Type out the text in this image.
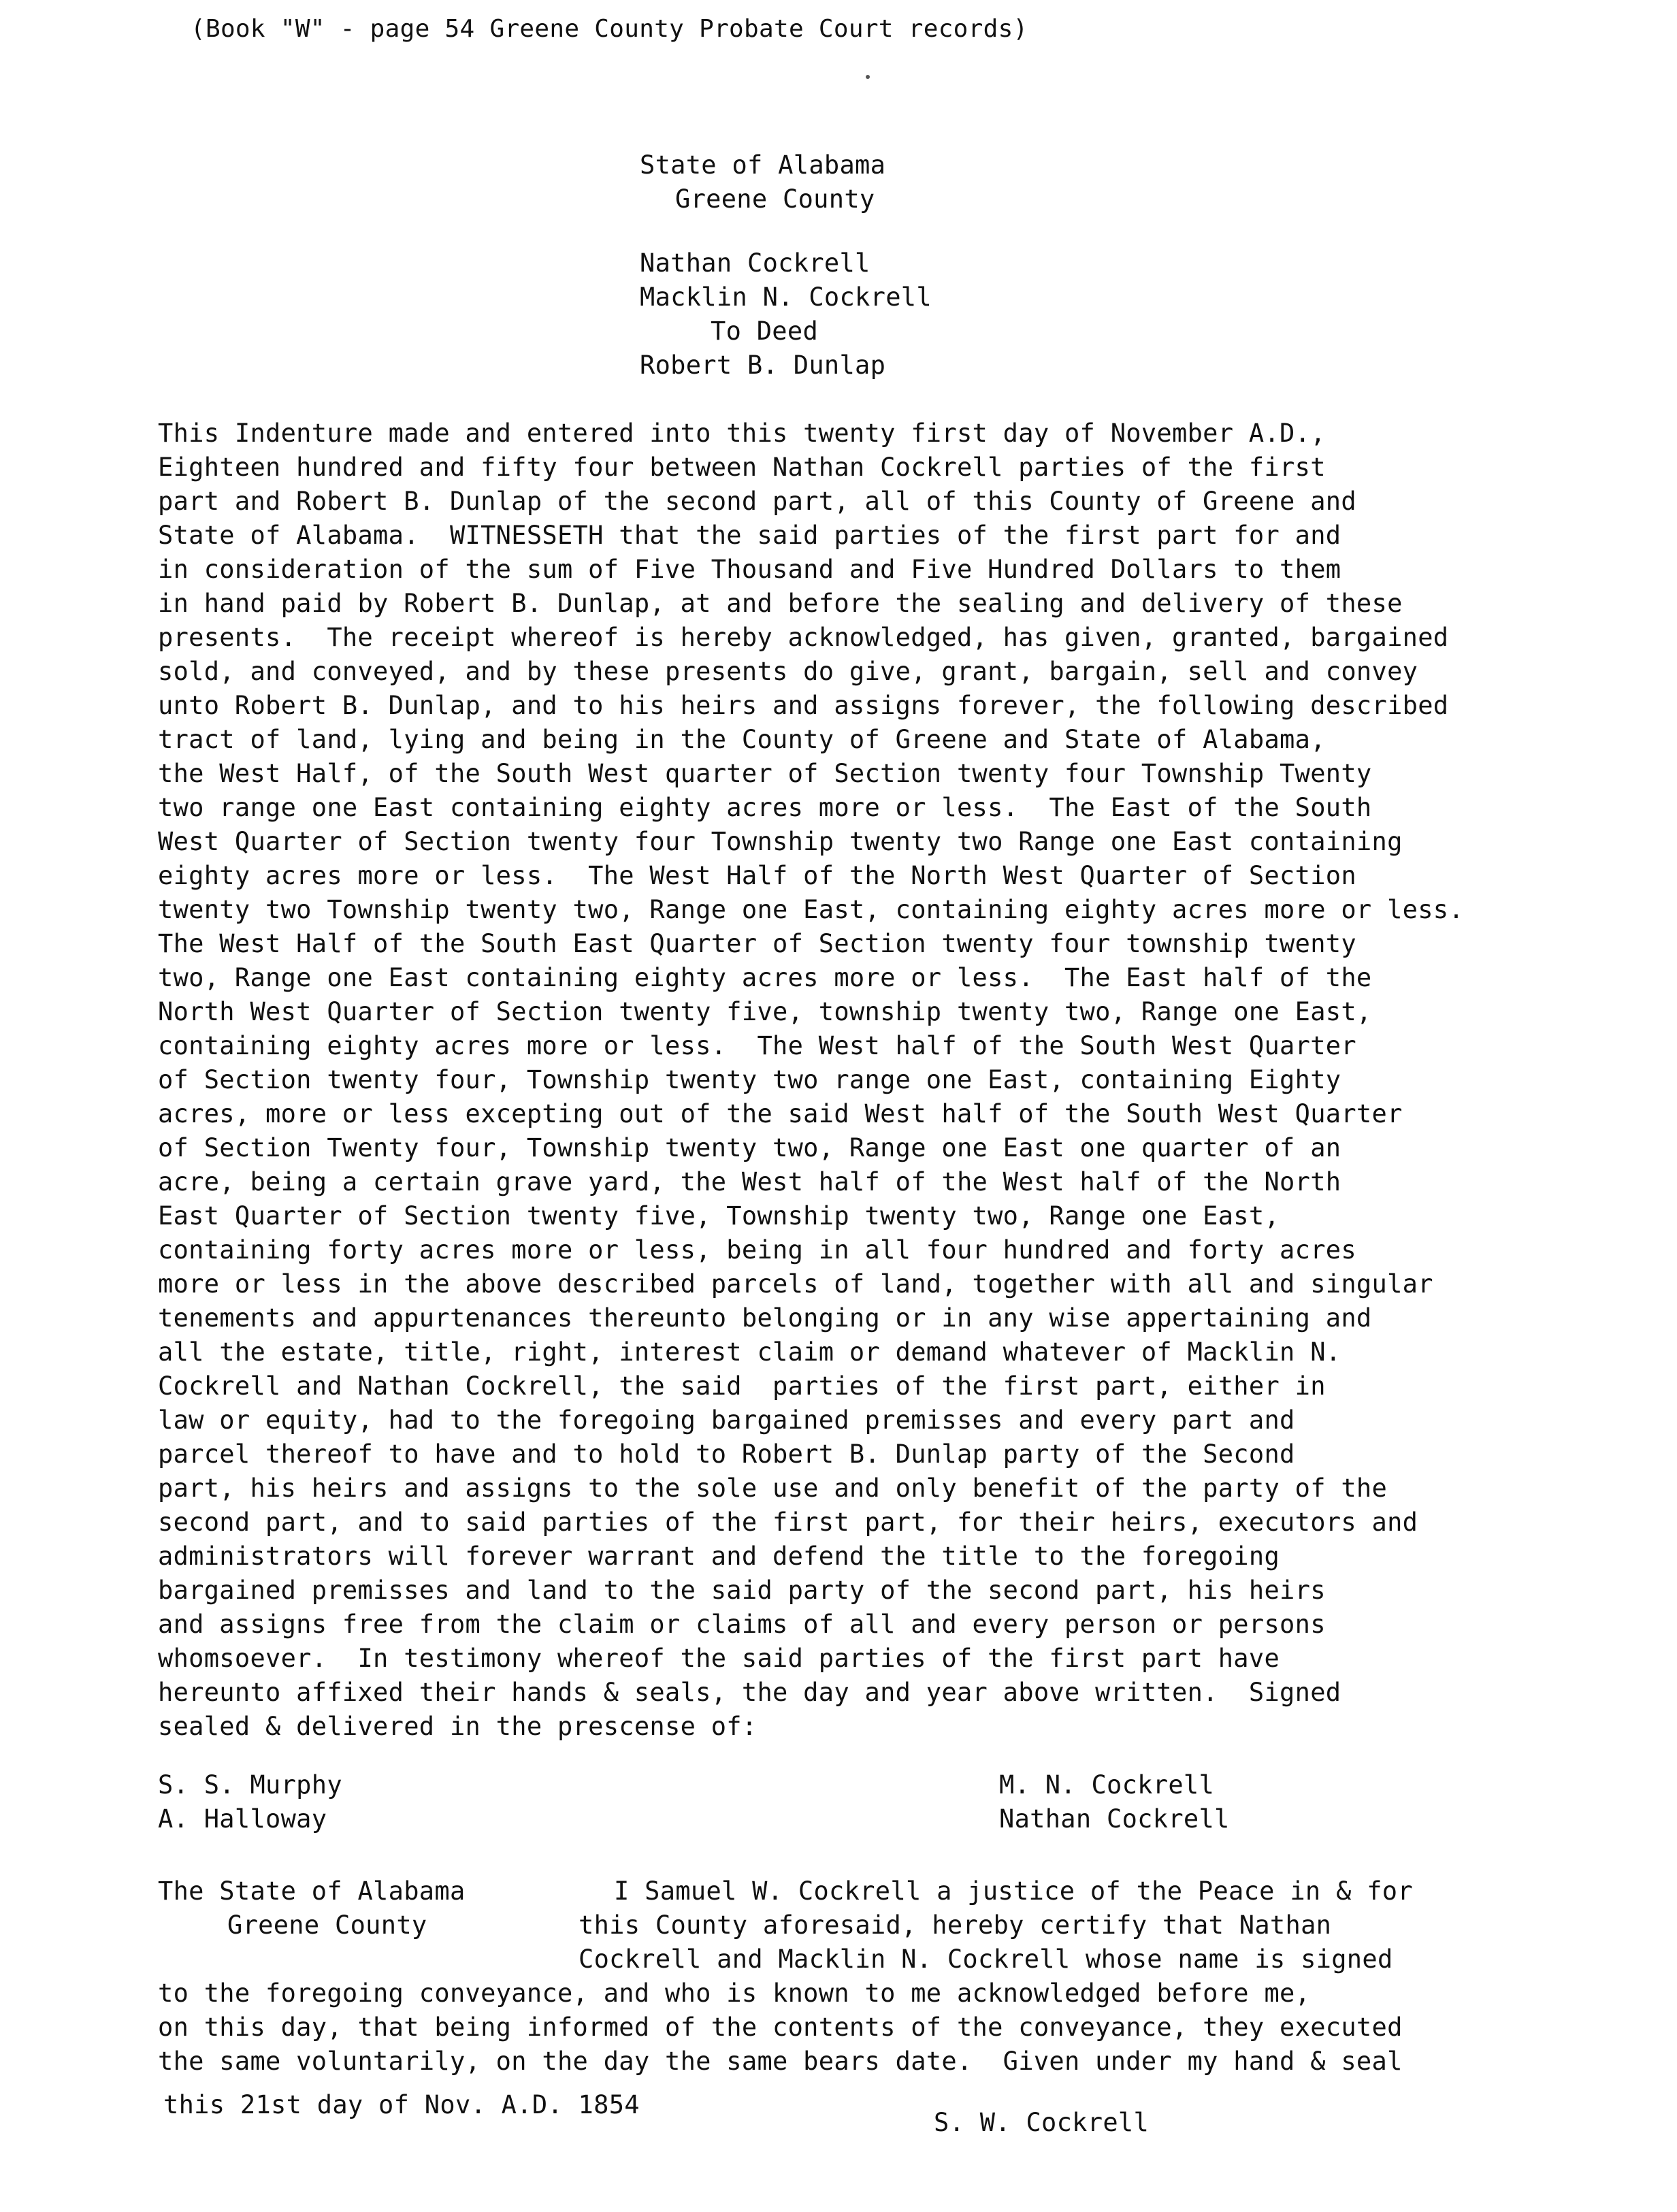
(Book "W" - page 54 Greene County Probate Court records)
State of Alabama
Greene County
Nathan Cockrell
Macklin N. Cockrell
To Deed
Robert B. Dunlap
This Indenture made and entered into this twenty first day of November A.D.,
Eighteen hundred and fifty four between Nathan Cockrell parties of the first
part and Robert B. Dunlap of the second part, all of this County of Greene and
State of Alabama.  WITNESSETH that the said parties of the first part for and
in consideration of the sum of Five Thousand and Five Hundred Dollars to them
in hand paid by Robert B. Dunlap, at and before the sealing and delivery of these
presents.  The receipt whereof is hereby acknowledged, has given, granted, bargained
sold, and conveyed, and by these presents do give, grant, bargain, sell and convey
unto Robert B. Dunlap, and to his heirs and assigns forever, the following described
tract of land, lying and being in the County of Greene and State of Alabama,
the West Half, of the South West quarter of Section twenty four Township Twenty
two range one East containing eighty acres more or less.  The East of the South
West Quarter of Section twenty four Township twenty two Range one East containing
eighty acres more or less.  The West Half of the North West Quarter of Section
twenty two Township twenty two, Range one East, containing eighty acres more or less.
The West Half of the South East Quarter of Section twenty four township twenty
two, Range one East containing eighty acres more or less.  The East half of the
North West Quarter of Section twenty five, township twenty two, Range one East,
containing eighty acres more or less.  The West half of the South West Quarter
of Section twenty four, Township twenty two range one East, containing Eighty
acres, more or less excepting out of the said West half of the South West Quarter
of Section Twenty four, Township twenty two, Range one East one quarter of an
acre, being a certain grave yard, the West half of the West half of the North
East Quarter of Section twenty five, Township twenty two, Range one East,
containing forty acres more or less, being in all four hundred and forty acres
more or less in the above described parcels of land, together with all and singular
tenements and appurtenances thereunto belonging or in any wise appertaining and
all the estate, title, right, interest claim or demand whatever of Macklin N.
Cockrell and Nathan Cockrell, the said  parties of the first part, either in
law or equity, had to the foregoing bargained premisses and every part and
parcel thereof to have and to hold to Robert B. Dunlap party of the Second
part, his heirs and assigns to the sole use and only benefit of the party of the
second part, and to said parties of the first part, for their heirs, executors and
administrators will forever warrant and defend the title to the foregoing
bargained premisses and land to the said party of the second part, his heirs
and assigns free from the claim or claims of all and every person or persons
whomsoever.  In testimony whereof the said parties of the first part have
hereunto affixed their hands & seals, the day and year above written.  Signed
sealed & delivered in the prescense of:
S. S. Murphy
A. Halloway
M. N. Cockrell
Nathan Cockrell
The State of Alabama
Greene County
I Samuel W. Cockrell a justice of the Peace in & for
this County aforesaid, hereby certify that Nathan
Cockrell and Macklin N. Cockrell whose name is signed
to the foregoing conveyance, and who is known to me acknowledged before me,
on this day, that being informed of the contents of the conveyance, they executed
the same voluntarily, on the day the same bears date.  Given under my hand & seal
this 21st day of Nov. A.D. 1854
S. W. Cockrell
